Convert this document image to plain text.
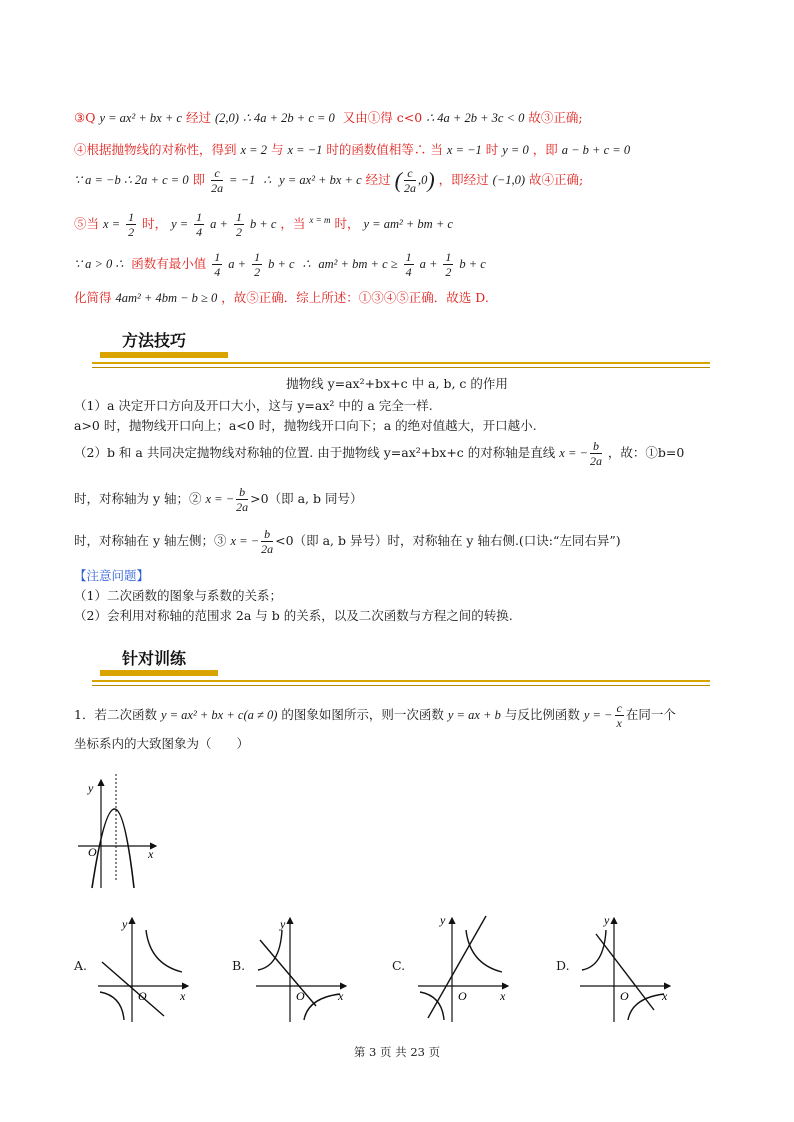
③Q y = ax² + bx + c 经过 (2,0) ∴ 4a + 2b + c = 0 又由①得 c<0 ∴ 4a + 2b + 3c < 0 故③正确;
④根据抛物线的对称性，得到 x = 2 与 x = −1 时的函数值相等∴ 当 x = −1 时 y = 0 ，即 a − b + c = 0
∵ a = −b ∴ 2a + c = 0 即 $\frac{c}{2a} = -1$ ∴ y = ax² + bx + c 经过 ( $\frac{c}{2a} ,0$) ，即经过 (−1,0) 故④正确;
⑤当 $x = \frac{1}{2}$ 时， $y = \frac{1}{4}$ $a + \frac{1}{2}$ b + c ，当 $^{x = m}$ 时， y = am² + bm + c
∵ a > 0 ∴ 函数有最小值 $\frac{1}{4}$ $a + \frac{1}{2}$ b + c ∴ am² + bm + $c \ge \frac{1}{4}$ $a + \frac{1}{2}$ b + c
化简得 4am² + 4bm − b ≥ 0 ，故⑤正确．综上所述：①③④⑤正确．故选 D.
方法技巧
抛物线 y=ax²+bx+c 中 a, b, c 的作用
（1）a 决定开口方向及开口大小，这与 y=ax² 中的 a 完全一样.
a>0 时，抛物线开口向上；a<0 时，抛物线开口向下；a 的绝对值越大，开口越小.
（2）b 和 a 共同决定抛物线对称轴的位置. 由于抛物线 y=ax²+bx+c 的对称轴是直线 x = − $\frac{b}{2a}$ ，故：①b=0
时，对称轴为 y 轴；② x = − $\frac{b}{2a} >0$（即 a, b 同号）
时，对称轴在 y 轴左侧；③ x = − $\frac{b}{2a} <0$（即 a, b 异号）时，对称轴在 y 轴右侧.(口诀:“左同右异”)
【注意问题】
（1）二次函数的图象与系数的关系；
（2）会利用对称轴的范围求 2a 与 b 的关系，以及二次函数与方程之间的转换.
针对训练
1．若二次函数 y = ax² + bx + c(a ≠ 0) 的图象如图所示，则一次函数 y = ax + b 与反比例函数 y = − $\frac{c}{x}$ 在同一个
坐标系内的大致图象为（　　）
y
O	x
A.	B.	C.	D.
y
O	x
y
O	x
y
O	x
y
O	x
第 3 页 共 23 页
